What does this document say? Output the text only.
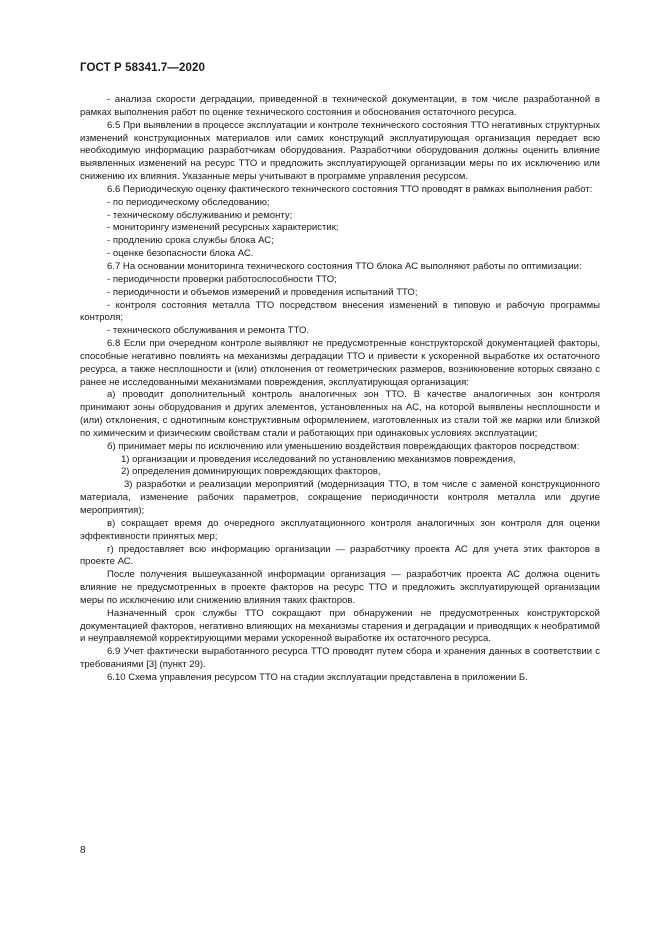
ГОСТ Р 58341.7—2020

- анализа скорости деградации, приведенной в технической документации, в том числе разработанной в рамках выполнения работ по оценке технического состояния и обоснования остаточного ресурса.

6.5 При выявлении в процессе эксплуатации и контроле технического состояния ТТО негативных структурных изменений конструкционных материалов или самих конструкций эксплуатирующая организация передает всю необходимую информацию разработчикам оборудования. Разработчики оборудования должны оценить влияние выявленных изменений на ресурс ТТО и предложить эксплуатирующей организации меры по их исключению или снижению их влияния. Указанные меры учитывают в программе управления ресурсом.

6.6 Периодическую оценку фактического технического состояния ТТО проводят в рамках выполнения работ:

- по периодическому обследованию;

- техническому обслуживанию и ремонту;

- мониторингу изменений ресурсных характеристик;

- продлению срока службы блока АС;

- оценке безопасности блока АС.

6.7 На основании мониторинга технического состояния ТТО блока АС выполняют работы по оптимизации:

- периодичности проверки работоспособности ТТО;

- периодичности и объемов измерений и проведения испытаний ТТО;

- контроля состояния металла ТТО посредством внесения изменений в типовую и рабочую программы контроля;

- технического обслуживания и ремонта ТТО.

6.8 Если при очередном контроле выявляют не предусмотренные конструкторской документацией факторы, способные негативно повлиять на механизмы деградации ТТО и привести к ускоренной выработке их остаточного ресурса, а также несплошности и (или) отклонения от геометрических размеров, возникновение которых связано с ранее не исследованными механизмами повреждения, эксплуатирующая организация:

а) проводит дополнительный контроль аналогичных зон ТТО. В качестве аналогичных зон контроля принимают зоны оборудования и других элементов, установленных на АС, на которой выявлены несплошности и (или) отклонения, с однотипным конструктивным оформлением, изготовленных из стали той же марки или близкой по химическим и физическим свойствам стали и работающих при одинаковых условиях эксплуатации;

б) принимает меры по исключению или уменьшению воздействия повреждающих факторов посредством:

1) организации и проведения исследований по установлению механизмов повреждения,

2) определения доминирующих повреждающих факторов,

3) разработки и реализации мероприятий (модернизация ТТО, в том числе с заменой конструкционного материала, изменение рабочих параметров, сокращение периодичности контроля металла или другие мероприятия);

в) сокращает время до очередного эксплуатационного контроля аналогичных зон контроля для оценки эффективности принятых мер;

г) предоставляет всю информацию организации — разработчику проекта АС для учета этих факторов в проекте АС.

После получения вышеуказанной информации организация — разработчик проекта АС должна оценить влияние не предусмотренных в проекте факторов на ресурс ТТО и предложить эксплуатирующей организации меры по исключению или снижению влияния таких факторов.

Назначенный срок службы ТТО сокращают при обнаружении не предусмотренных конструкторской документацией факторов, негативно влияющих на механизмы старения и деградации и приводящих к необратимой и неуправляемой корректирующими мерами ускоренной выработке их остаточного ресурса.

6.9 Учет фактически выработанного ресурса ТТО проводят путем сбора и хранения данных в соответствии с требованиями [3] (пункт 29).

6.10 Схема управления ресурсом ТТО на стадии эксплуатации представлена в приложении Б.

8
